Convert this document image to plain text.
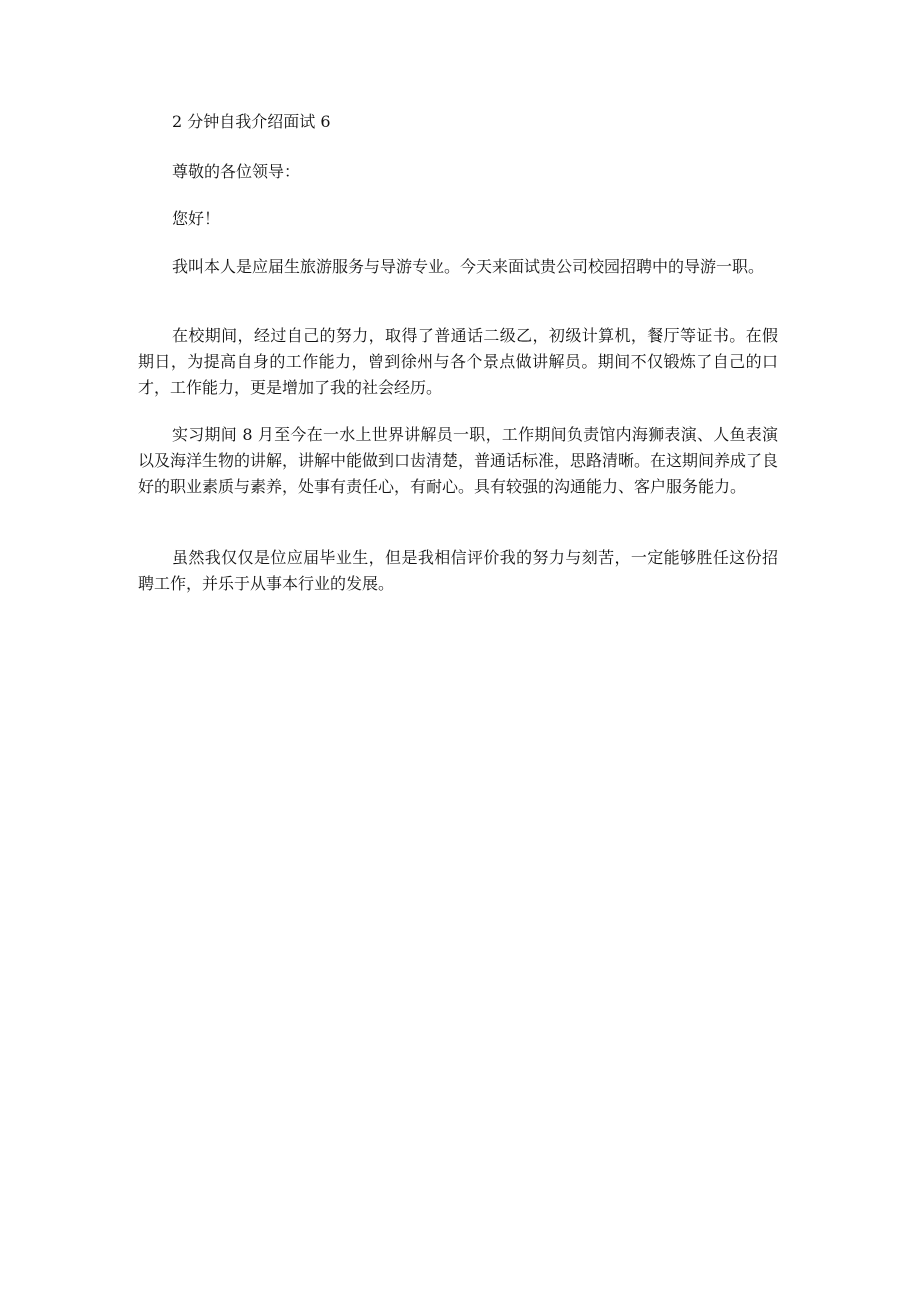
2 分钟自我介绍面试 6
尊敬的各位领导：
您好！

我叫本人是应届生旅游服务与导游专业。今天来面试贵公司校园招聘中的导游一职。

在校期间，经过自己的努力，取得了普通话二级乙，初级计算机，餐厅等证书。在假期日，为提高自身的工作能力，曾到徐州与各个景点做讲解员。期间不仅锻炼了自己的口才，工作能力，更是增加了我的社会经历。

实习期间 8 月至今在一水上世界讲解员一职，工作期间负责馆内海狮表演、人鱼表演以及海洋生物的讲解，讲解中能做到口齿清楚，普通话标准，思路清晰。在这期间养成了良好的职业素质与素养，处事有责任心，有耐心。具有较强的沟通能力、客户服务能力。

虽然我仅仅是位应届毕业生，但是我相信评价我的努力与刻苦，一定能够胜任这份招聘工作，并乐于从事本行业的发展。
